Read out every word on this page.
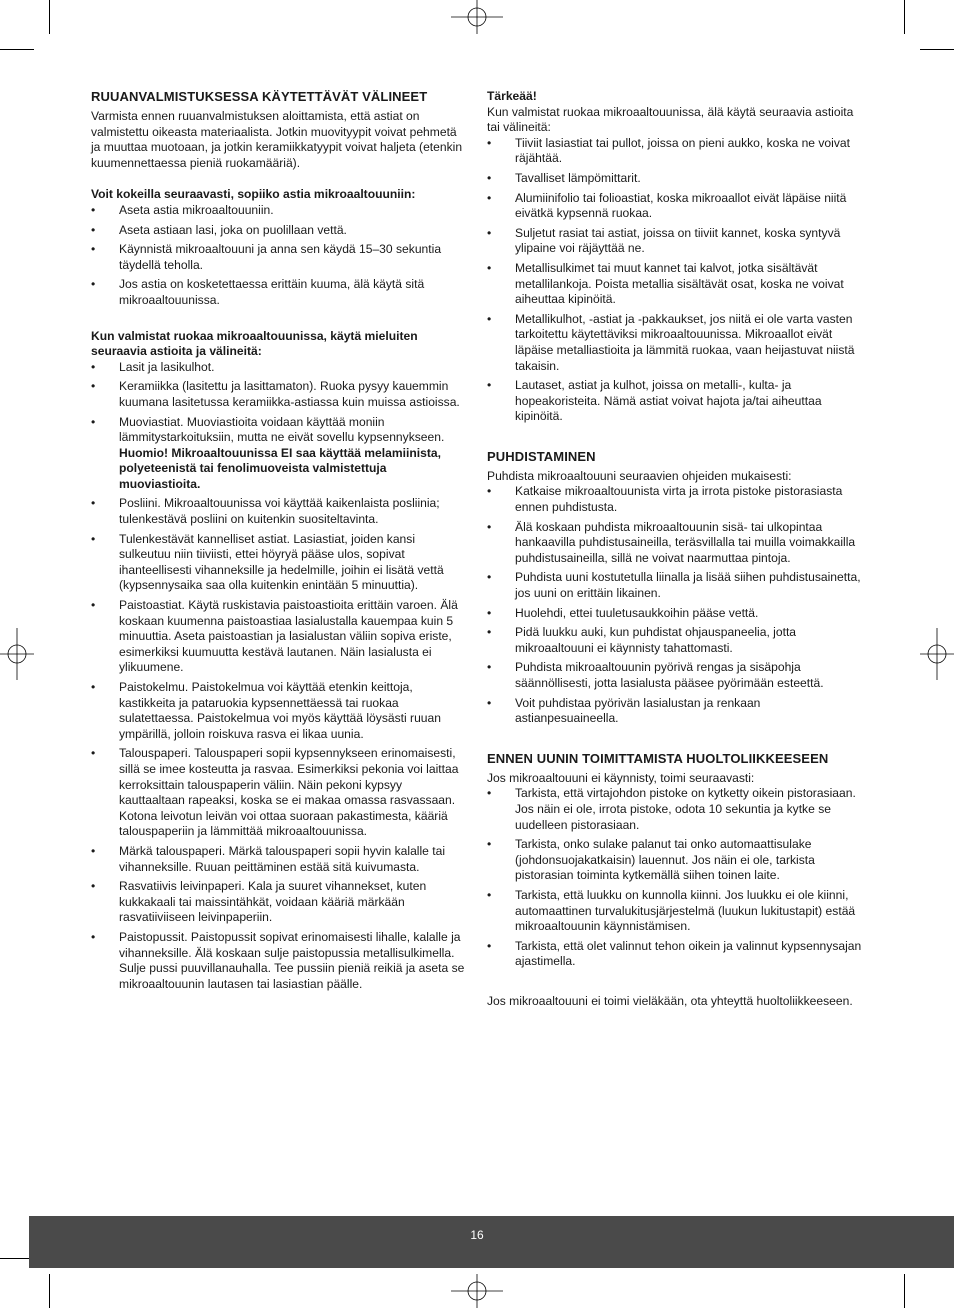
RUUANVALMISTUKSESSA KÄYTETTÄVÄT VÄLINEET

Varmista ennen ruuanvalmistuksen aloittamista, että astiat on valmistettu oikeasta materiaalista. Jotkin muovityypit voivat pehmetä ja muuttaa muotoaan, ja jotkin keramiikkatyypit voivat haljeta (etenkin kuumennettaessa pieniä ruokamääriä).

Voit kokeilla seuraavasti, sopiiko astia mikroaaltouuniin:

• Aseta astia mikroaaltouuniin.
• Aseta astiaan lasi, joka on puolillaan vettä.
• Käynnistä mikroaaltouuni ja anna sen käydä 15–30 sekuntia täydellä teholla.
• Jos astia on kosketettaessa erittäin kuuma, älä käytä sitä mikroaaltouunissa.

Kun valmistat ruokaa mikroaaltouunissa, käytä mieluiten seuraavia astioita ja välineitä:

• Lasit ja lasikulhot.
• Keramiikka (lasitettu ja lasittamaton). Ruoka pysyy kauemmin kuumana lasitetussa keramiikka-astiassa kuin muissa astioissa.
• Muoviastiat. Muoviastioita voidaan käyttää moniin lämmitystarkoituksiin, mutta ne eivät sovellu kypsennykseen. Huomio! Mikroaaltouunissa EI saa käyttää melamiinista, polyeteenistä tai fenolimuoveista valmistettuja muoviastioita.
• Posliini. Mikroaaltouunissa voi käyttää kaikenlaista posliinia; tulenkestävä posliini on kuitenkin suositeltavinta.
• Tulenkestävät kannelliset astiat. Lasiastiat, joiden kansi sulkeutuu niin tiiviisti, ettei höyryä pääse ulos, sopivat ihanteellisesti vihanneksille ja hedelmille, joihin ei lisätä vettä (kypsennysaika saa olla kuitenkin enintään 5 minuuttia).
• Paistoastiat. Käytä ruskistavia paistoastioita erittäin varoen. Älä koskaan kuumenna paistoastiaa lasialustalla kauempaa kuin 5 minuuttia. Aseta paistoastian ja lasialustan väliin sopiva eriste, esimerkiksi kuumuutta kestävä lautanen. Näin lasialusta ei ylikuumene.
• Paistokelmu. Paistokelmua voi käyttää etenkin keittoja, kastikkeita ja pataruokia kypsennettäessä tai ruokaa sulatettaessa. Paistokelmua voi myös käyttää löysästi ruuan ympärillä, jolloin roiskuva rasva ei likaa uunia.
• Talouspaperi. Talouspaperi sopii kypsennykseen erinomaisesti, sillä se imee kosteutta ja rasvaa. Esimerkiksi pekonia voi laittaa kerroksittain talouspaperin väliin. Näin pekoni kypsyy kauttaaltaan rapeaksi, koska se ei makaa omassa rasvassaan. Kotona leivotun leivän voi ottaa suoraan pakastimesta, kääriä talouspaperiin ja lämmittää mikroaaltouunissa.
• Märkä talouspaperi. Märkä talouspaperi sopii hyvin kalalle tai vihanneksille. Ruuan peittäminen estää sitä kuivumasta.
• Rasvatiivis leivinpaperi. Kala ja suuret vihannekset, kuten kukkakaali tai maissintähkät, voidaan kääriä märkään rasvatiiviiseen leivinpaperiin.
• Paistopussit. Paistopussit sopivat erinomaisesti lihalle, kalalle ja vihanneksille. Älä koskaan sulje paistopussia metallisulkimella. Sulje pussi puuvillanauhalla. Tee pussiin pieniä reikiä ja aseta se mikroaaltouunin lautasen tai lasiastian päälle.

Tärkeää!

Kun valmistat ruokaa mikroaaltouunissa, älä käytä seuraavia astioita tai välineitä:

• Tiiviit lasiastiat tai pullot, joissa on pieni aukko, koska ne voivat räjähtää.
• Tavalliset lämpömittarit.
• Alumiinifolio tai folioastiat, koska mikroaallot eivät läpäise niitä eivätkä kypsennä ruokaa.
• Suljetut rasiat tai astiat, joissa on tiiviit kannet, koska syntyvä ylipaine voi räjäyttää ne.
• Metallisulkimet tai muut kannet tai kalvot, jotka sisältävät metallilankoja. Poista metallia sisältävät osat, koska ne voivat aiheuttaa kipinöitä.
• Metallikulhot, -astiat ja -pakkaukset, jos niitä ei ole varta vasten tarkoitettu käytettäviksi mikroaaltouunissa. Mikroaallot eivät läpäise metalliastioita ja lämmitä ruokaa, vaan heijastuvat niistä takaisin.
• Lautaset, astiat ja kulhot, joissa on metalli-, kulta- ja hopeakoristeita. Nämä astiat voivat hajota ja/tai aiheuttaa kipinöitä.
PUHDISTAMINEN

Puhdista mikroaaltouuni seuraavien ohjeiden mukaisesti:

• Katkaise mikroaaltouunista virta ja irrota pistoke pistorasiasta ennen puhdistusta.
• Älä koskaan puhdista mikroaaltouunin sisä- tai ulkopintaa hankaavilla puhdistusaineilla, teräsvillalla tai muilla voimakkailla puhdistusaineilla, sillä ne voivat naarmuttaa pintoja.
• Puhdista uuni kostutetulla liinalla ja lisää siihen puhdistusainetta, jos uuni on erittäin likainen.
• Huolehdi, ettei tuuletusaukkoihin pääse vettä.
• Pidä luukku auki, kun puhdistat ohjauspaneelia, jotta mikroaaltouuni ei käynnisty tahattomasti.
• Puhdista mikroaaltouunin pyörivä rengas ja sisäpohja säännöllisesti, jotta lasialusta pääsee pyörimään esteettä.
• Voit puhdistaa pyörivän lasialustan ja renkaan astianpesuaineella.
ENNEN UUNIN TOIMITTAMISTA HUOLTOLIIKKEESEEN

Jos mikroaaltouuni ei käynnisty, toimi seuraavasti:

• Tarkista, että virtajohdon pistoke on kytketty oikein pistorasiaan. Jos näin ei ole, irrota pistoke, odota 10 sekuntia ja kytke se uudelleen pistorasiaan.
• Tarkista, onko sulake palanut tai onko automaattisulake (johdonsuojakatkaisin) lauennut. Jos näin ei ole, tarkista pistorasian toiminta kytkemällä siihen toinen laite.
• Tarkista, että luukku on kunnolla kiinni. Jos luukku ei ole kiinni, automaattinen turvalukitusjärjestelmä (luukun lukitustapit) estää mikroaaltouunin käynnistämisen.
• Tarkista, että olet valinnut tehon oikein ja valinnut kypsennysajan ajastimella.

Jos mikroaaltouuni ei toimi vieläkään, ota yhteyttä huoltoliikkeeseen.

16
